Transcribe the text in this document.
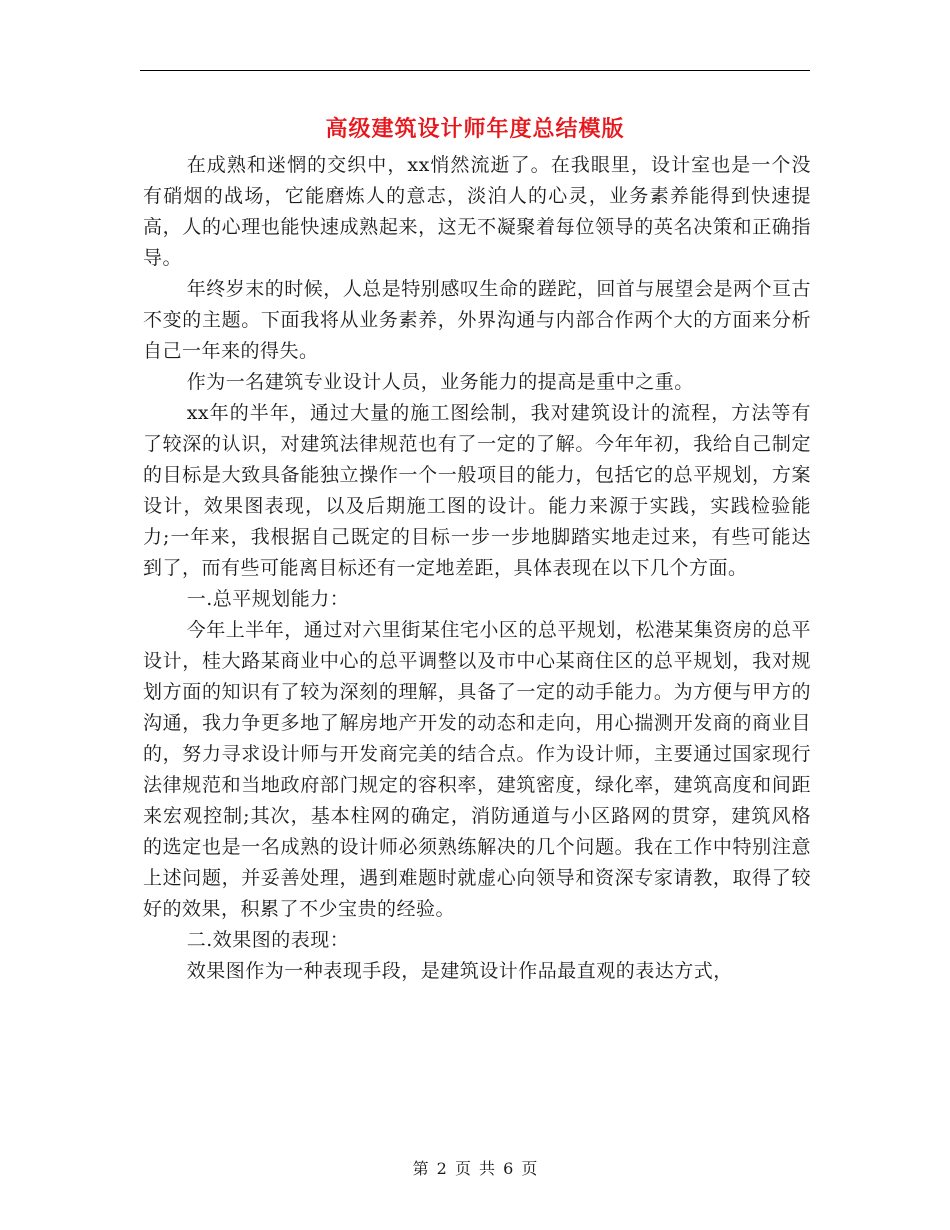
高级建筑设计师年度总结模版

在成熟和迷惘的交织中，xx悄然流逝了。在我眼里，设计室也是一个没有硝烟的战场，它能磨炼人的意志，淡泊人的心灵，业务素养能得到快速提高，人的心理也能快速成熟起来，这无不凝聚着每位领导的英名决策和正确指导。

年终岁末的时候，人总是特别感叹生命的蹉跎，回首与展望会是两个亘古不变的主题。下面我将从业务素养，外界沟通与内部合作两个大的方面来分析自己一年来的得失。

作为一名建筑专业设计人员，业务能力的提高是重中之重。

xx年的半年，通过大量的施工图绘制，我对建筑设计的流程，方法等有了较深的认识，对建筑法律规范也有了一定的了解。今年年初，我给自己制定的目标是大致具备能独立操作一个一般项目的能力，包括它的总平规划，方案设计，效果图表现，以及后期施工图的设计。能力来源于实践，实践检验能力;一年来，我根据自己既定的目标一步一步地脚踏实地走过来，有些可能达到了，而有些可能离目标还有一定地差距，具体表现在以下几个方面。

一.总平规划能力：

今年上半年，通过对六里街某住宅小区的总平规划，松港某集资房的总平设计，桂大路某商业中心的总平调整以及市中心某商住区的总平规划，我对规划方面的知识有了较为深刻的理解，具备了一定的动手能力。为方便与甲方的沟通，我力争更多地了解房地产开发的动态和走向，用心揣测开发商的商业目的，努力寻求设计师与开发商完美的结合点。作为设计师，主要通过国家现行法律规范和当地政府部门规定的容积率，建筑密度，绿化率，建筑高度和间距来宏观控制;其次，基本柱网的确定，消防通道与小区路网的贯穿，建筑风格的选定也是一名成熟的设计师必须熟练解决的几个问题。我在工作中特别注意上述问题，并妥善处理，遇到难题时就虚心向领导和资深专家请教，取得了较好的效果，积累了不少宝贵的经验。

二.效果图的表现：

效果图作为一种表现手段，是建筑设计作品最直观的表达方式，

第 2 页 共 6 页
